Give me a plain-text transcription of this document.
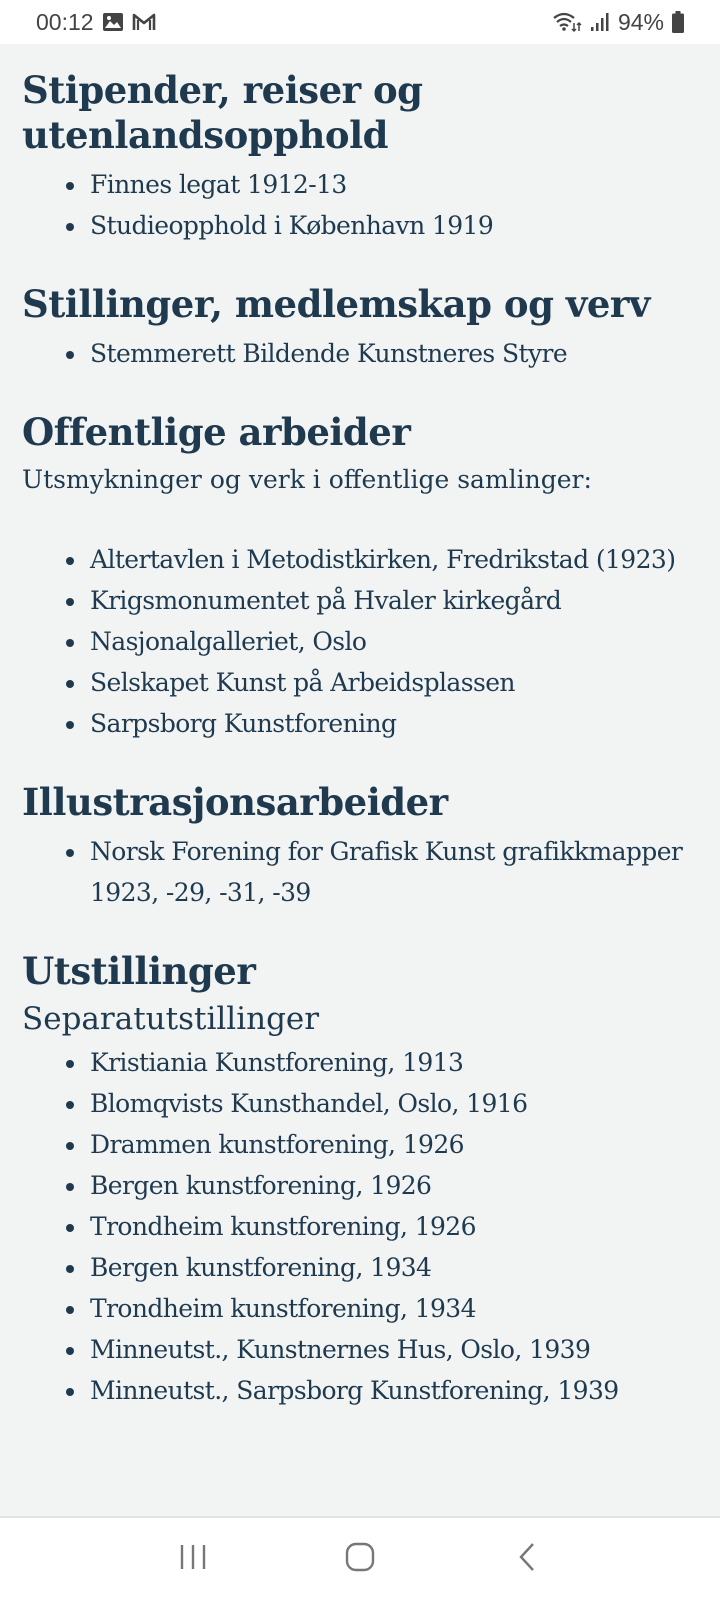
00:12	94%
Stipender, reiser og utenlandsopphold
Finnes legat 1912-13
Studieopphold i København 1919
Stillinger, medlemskap og verv
Stemmerett Bildende Kunstneres Styre
Offentlige arbeider

Utsmykninger og verk i offentlige samlinger:

Altertavlen i Metodistkirken, Fredrikstad (1923)
Krigsmonumentet på Hvaler kirkegård
Nasjonalgalleriet, Oslo
Selskapet Kunst på Arbeidsplassen
Sarpsborg Kunstforening
Illustrasjonsarbeider
Norsk Forening for Grafisk Kunst grafikkmapper 1923, -29, -31, -39
Utstillinger
Separatutstillinger
Kristiania Kunstforening, 1913
Blomqvists Kunsthandel, Oslo, 1916
Drammen kunstforening, 1926
Bergen kunstforening, 1926
Trondheim kunstforening, 1926
Bergen kunstforening, 1934
Trondheim kunstforening, 1934
Minneutst., Kunstnernes Hus, Oslo, 1939
Minneutst., Sarpsborg Kunstforening, 1939
